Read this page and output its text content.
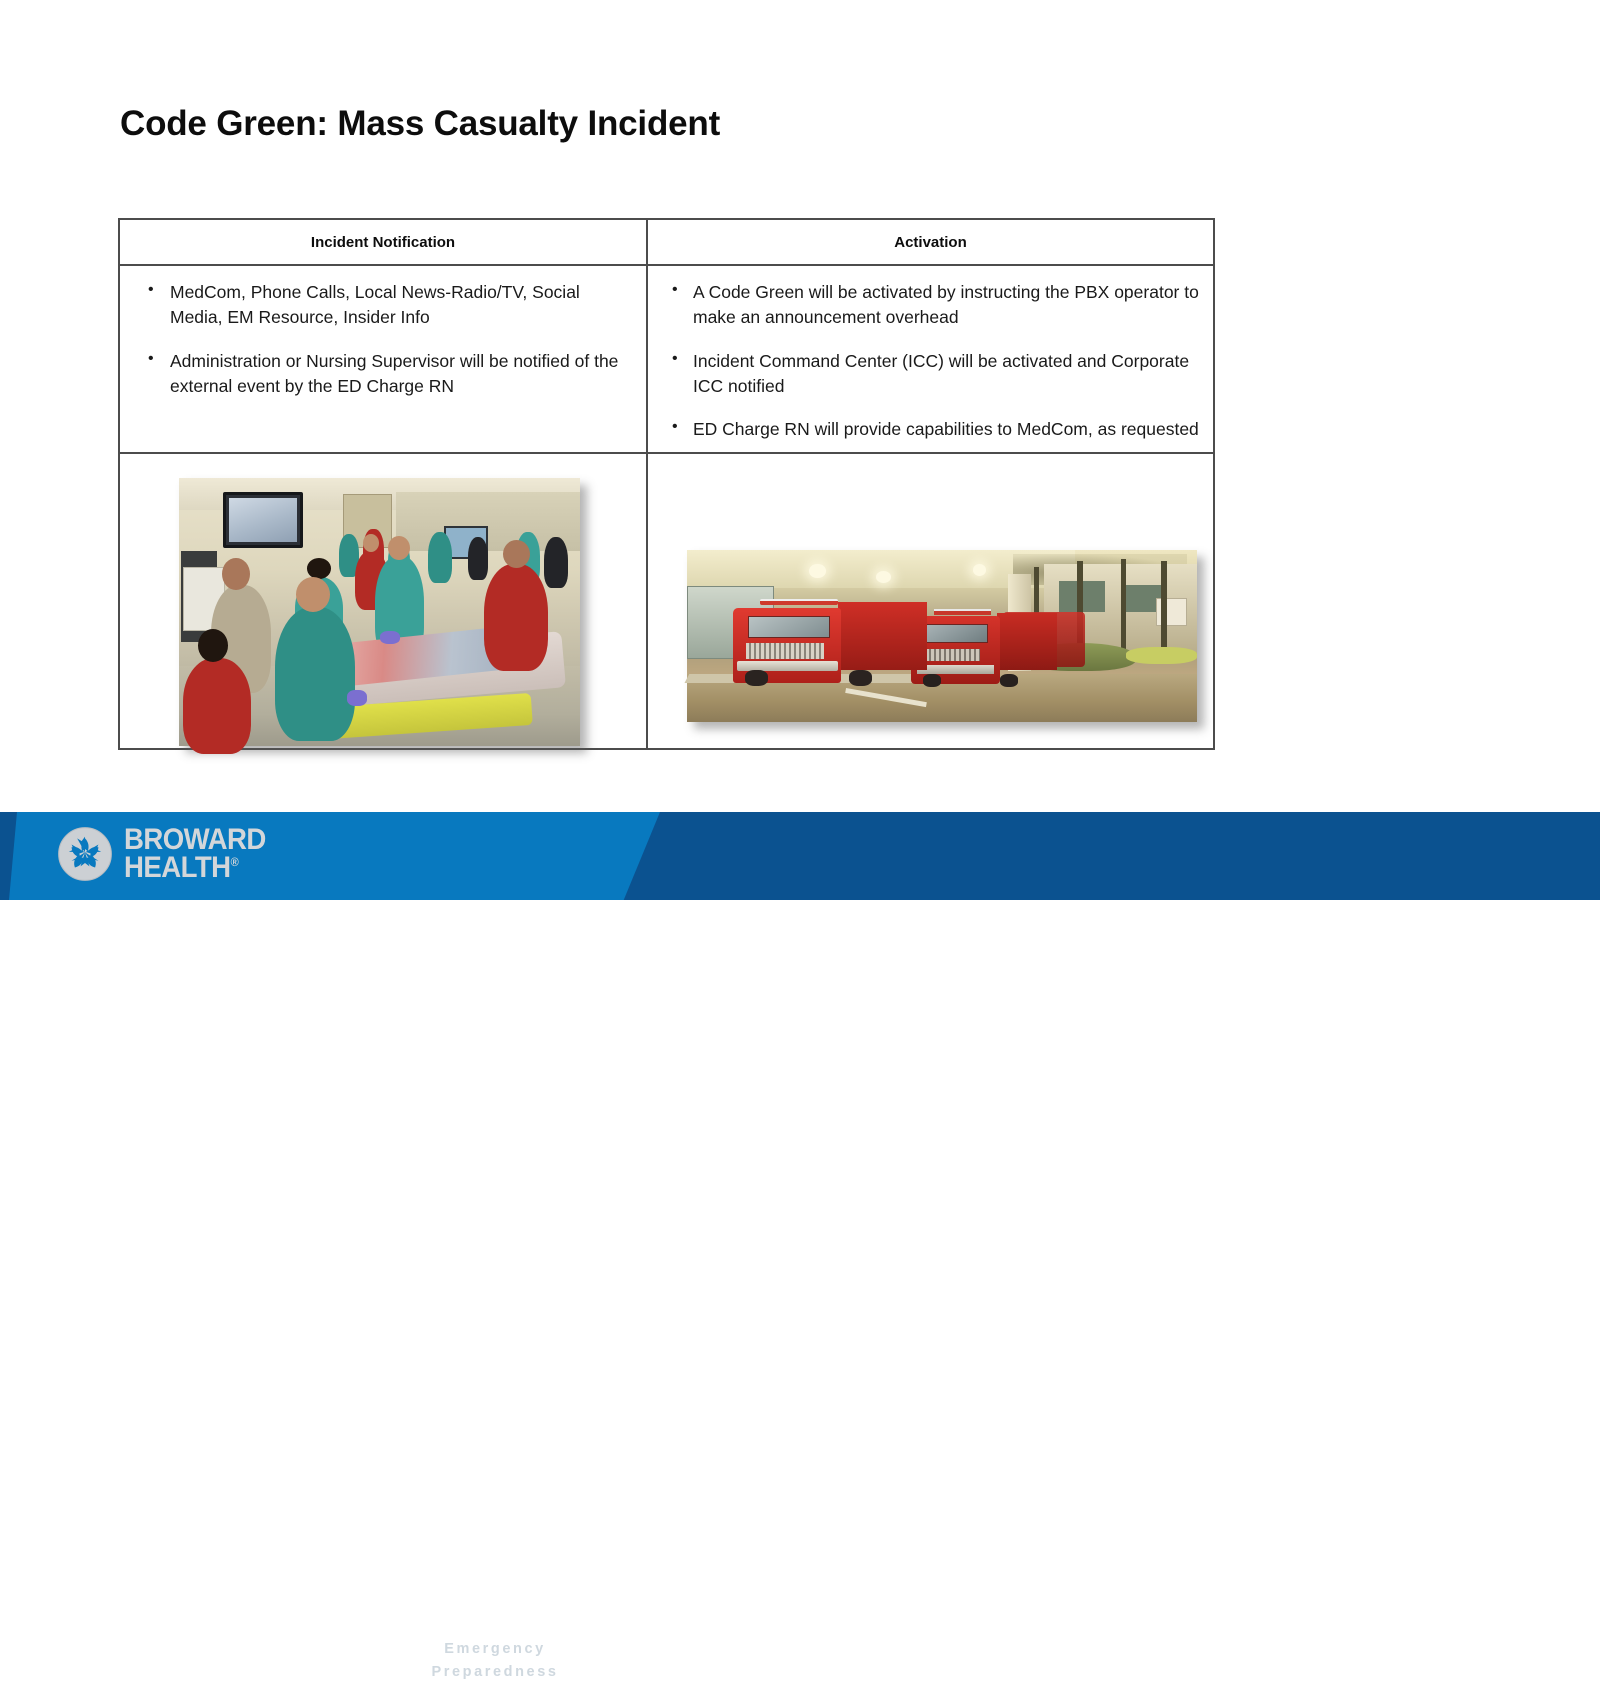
Code Green: Mass Casualty Incident
Incident Notification	Activation
• MedCom, Phone Calls, Local News-Radio/TV, Social Media, EM Resource, Insider Info
• Administration or Nursing Supervisor will be notified of the external event by the ED Charge RN
• A Code Green will be activated by instructing the PBX operator to make an announcement overhead
• Incident Command Center (ICC) will be activated and Corporate ICC notified
• ED Charge RN will provide capabilities to MedCom, as requested
BROWARD
HEALTH®
Emergency
Preparedness
